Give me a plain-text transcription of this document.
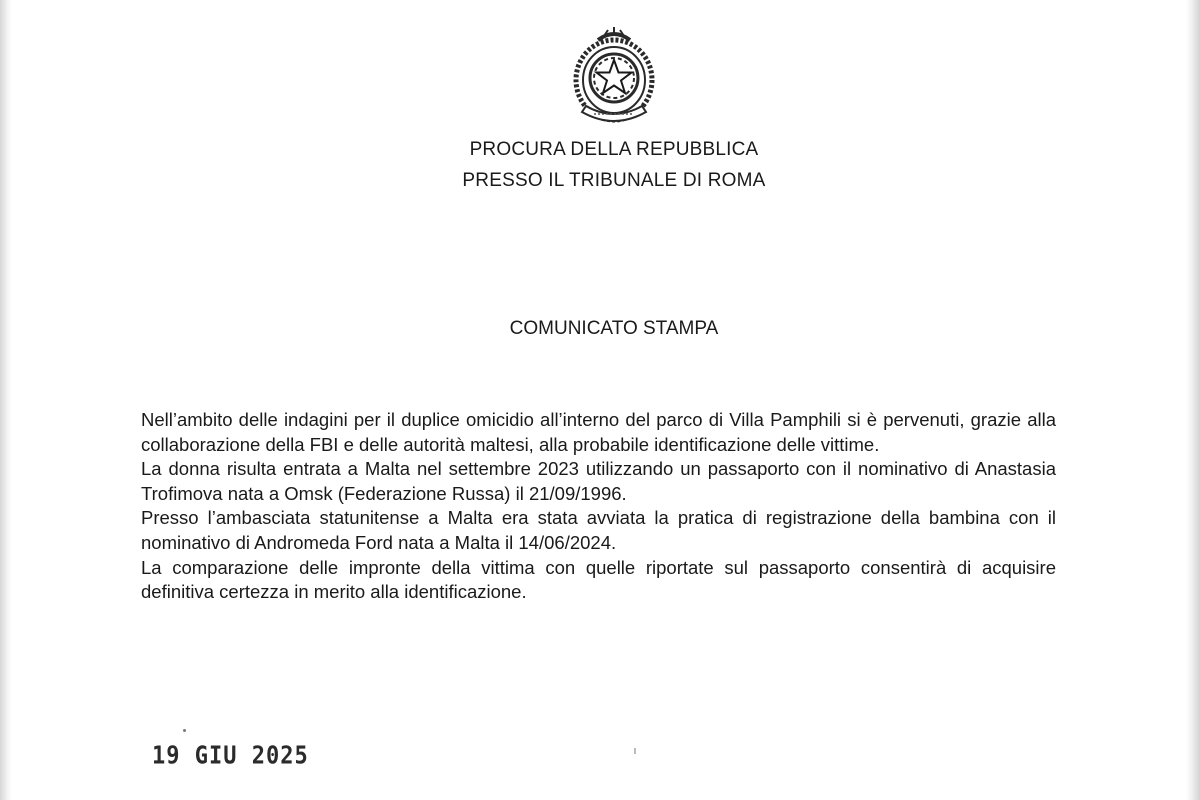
PROCURA DELLA REPUBBLICA
PRESSO IL TRIBUNALE DI ROMA
COMUNICATO STAMPA

Nell’ambito delle indagini per il duplice omicidio all’interno del parco di Villa Pamphili si è pervenuti, grazie alla collaborazione della FBI e delle autorità maltesi, alla probabile identificazione delle vittime.

La donna risulta entrata a Malta nel settembre 2023 utilizzando un passaporto con il nominativo di Anastasia Trofimova nata a Omsk (Federazione Russa) il 21/09/1996.

Presso l’ambasciata statunitense a Malta era stata avviata la pratica di registrazione della bambina con il nominativo di Andromeda Ford nata a Malta il 14/06/2024.

La comparazione delle impronte della vittima con quelle riportate sul passaporto consentirà di acquisire definitiva certezza in merito alla identificazione.

19 GIU 2025
